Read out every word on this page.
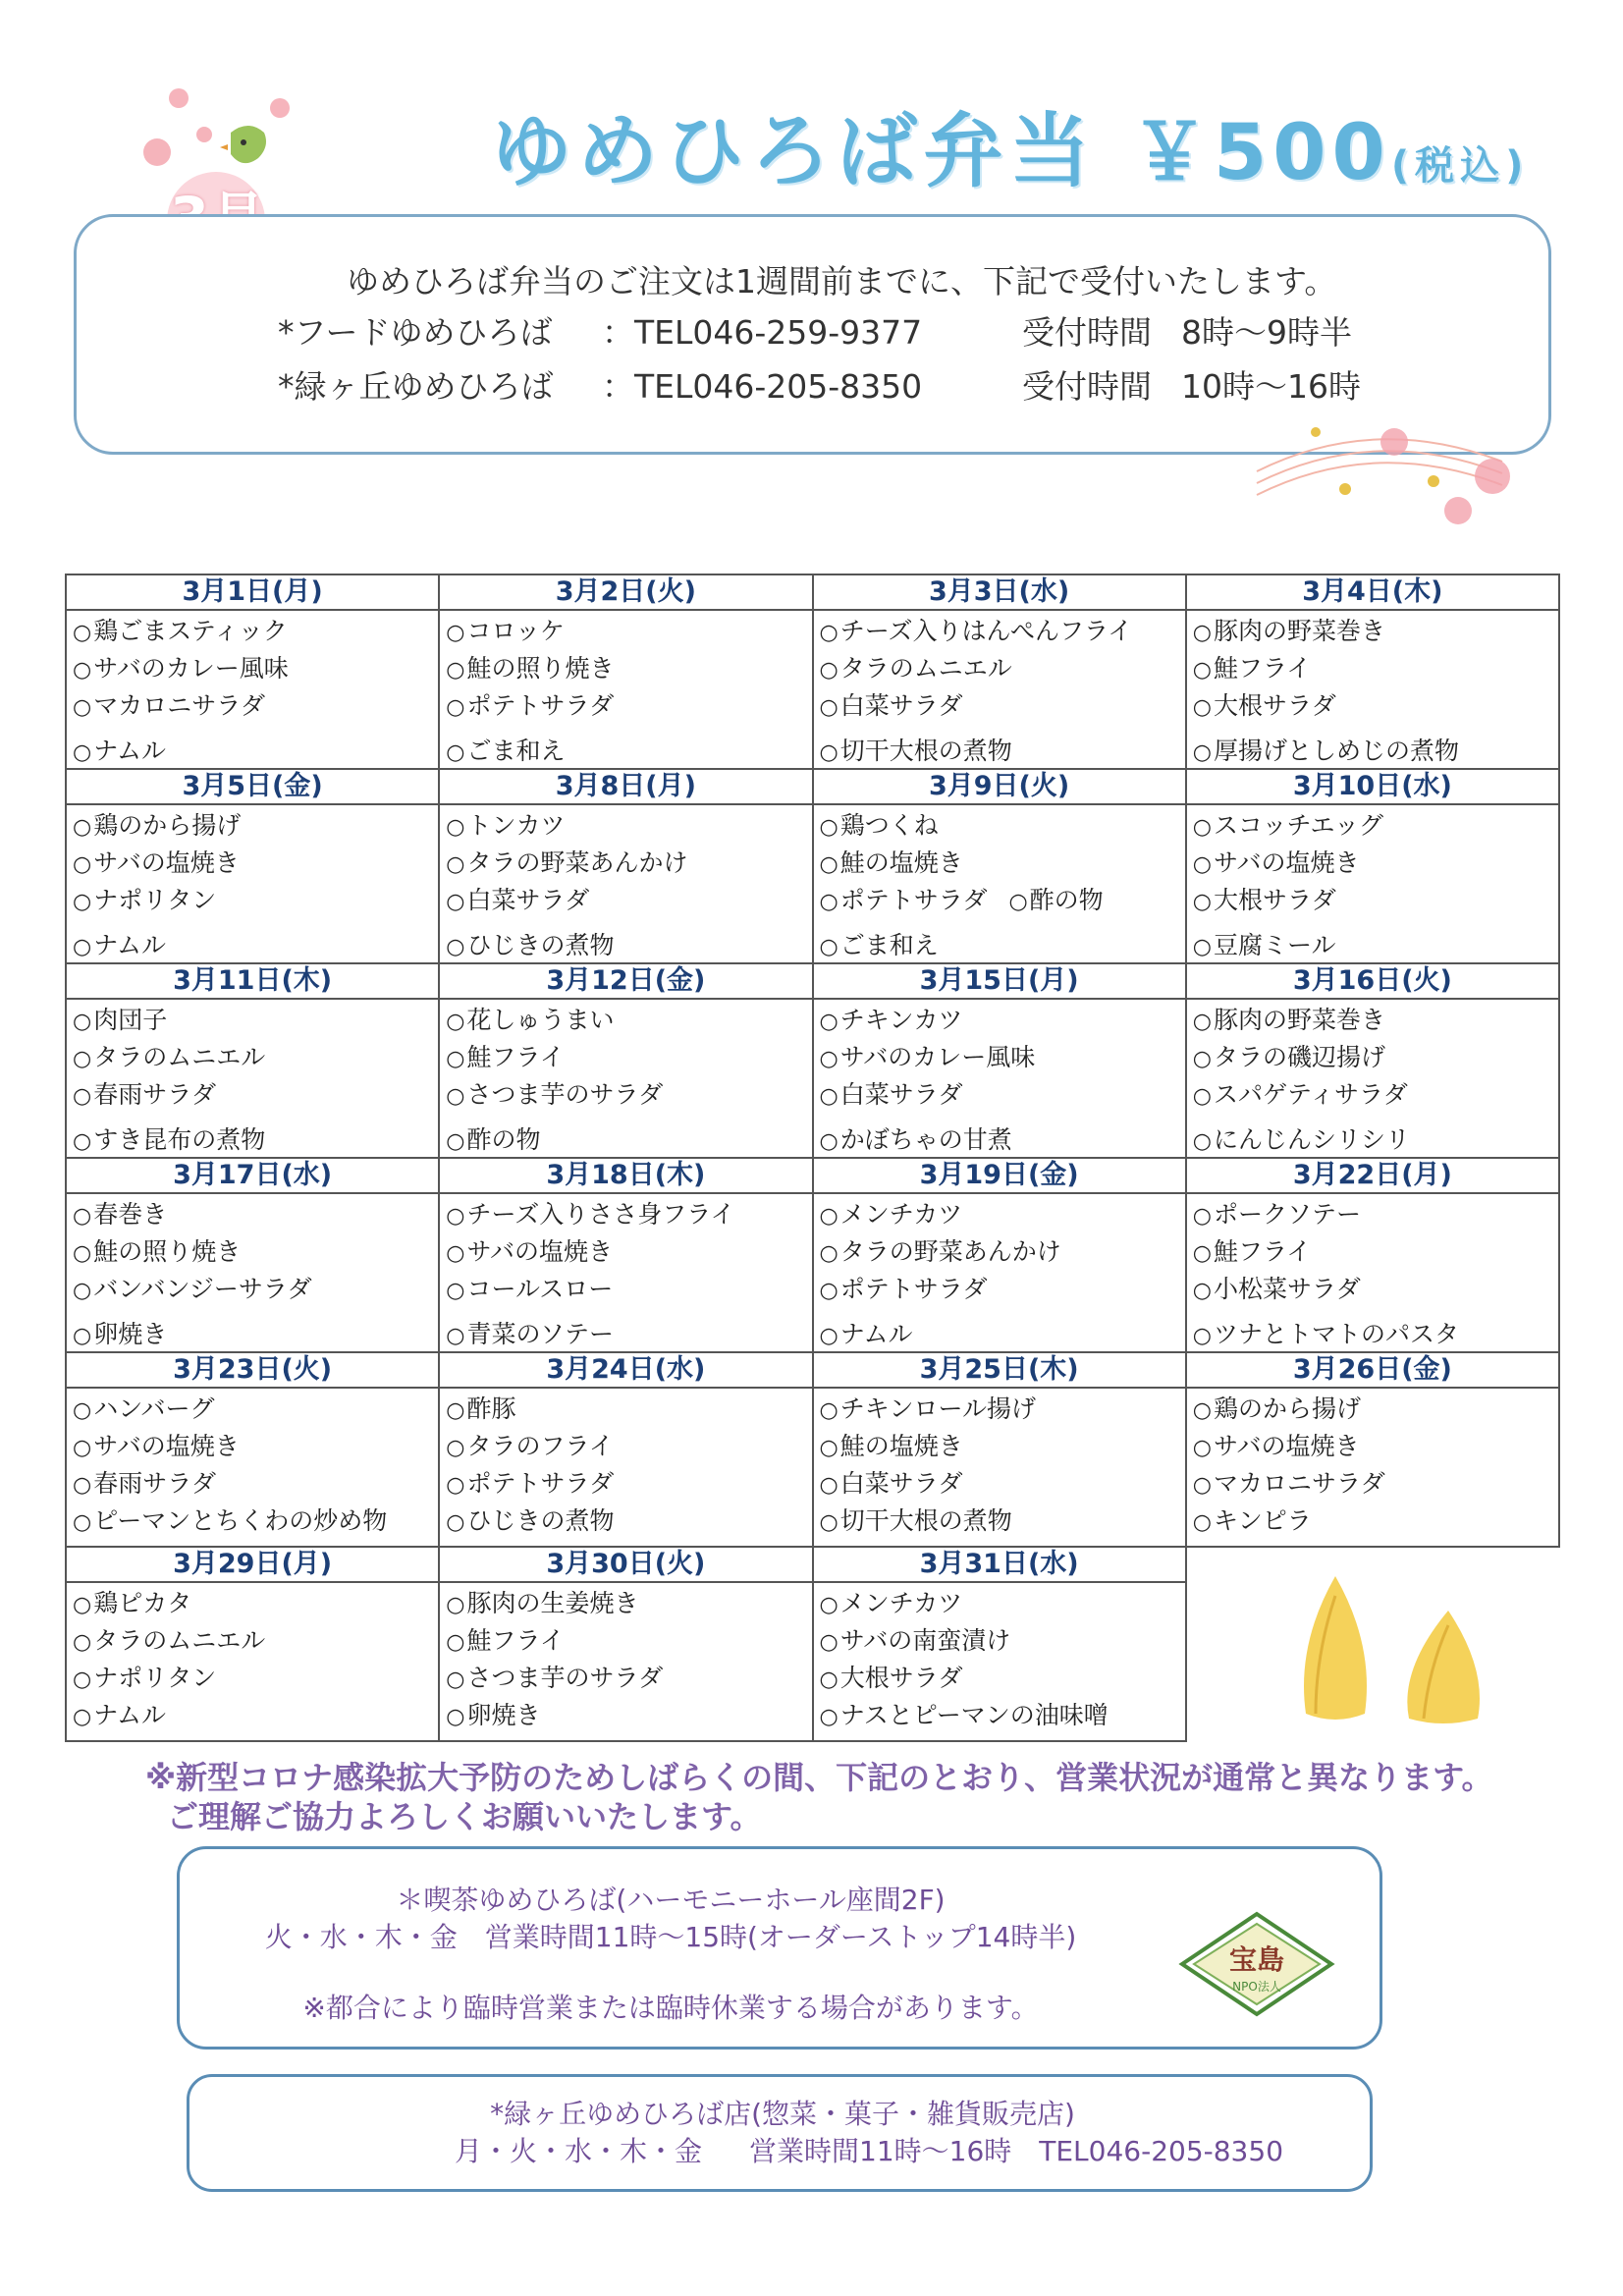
ゆめひろば弁当 ￥500(税込)
ゆめひろば弁当のご注文は1週間前までに、下記で受付いたします。
*フードゆめひろば ：TEL046-259-9377	受付時間 8時～9時半
*緑ヶ丘ゆめひろば ：TEL046-205-8350	受付時間 10時～16時
3月1日(月)
○ 鶏ごまスティック
○ サバのカレー風味
○ マカロニサラダ
○ ナムル

3月2日(火)
○ コロッケ
○ 鮭の照り焼き
○ ポテトサラダ
○ ごま和え

3月3日(水)
○ チーズ入りはんぺんフライ
○ タラのムニエル
○ 白菜サラダ
○ 切干大根の煮物

3月4日(木)
○ 豚肉の野菜巻き
○ 鮭フライ
○ 大根サラダ
○ 厚揚げとしめじの煮物

3月5日(金)
○ 鶏のから揚げ
○ サバの塩焼き
○ ナポリタン
○ ナムル

3月8日(月)
○ トンカツ
○ タラの野菜あんかけ
○ 白菜サラダ
○ ひじきの煮物

3月9日(火)
○ 鶏つくね
○ 鮭の塩焼き
○ ポテトサラダ○ 酢の物
○ ごま和え

3月10日(水)
○ スコッチエッグ
○ サバの塩焼き
○ 大根サラダ
○ 豆腐ミール

3月11日(木)
○ 肉団子
○ タラのムニエル
○ 春雨サラダ
○ すき昆布の煮物

3月12日(金)
○ 花しゅうまい
○ 鮭フライ
○ さつま芋のサラダ
○ 酢の物

3月15日(月)
○ チキンカツ
○ サバのカレー風味
○ 白菜サラダ
○ かぼちゃの甘煮

3月16日(火)
○ 豚肉の野菜巻き
○ タラの磯辺揚げ
○ スパゲティサラダ
○ にんじんシリシリ

3月17日(水)
○ 春巻き
○ 鮭の照り焼き
○ バンバンジーサラダ
○ 卵焼き

3月18日(木)
○ チーズ入りささ身フライ
○ サバの塩焼き
○ コールスロー
○ 青菜のソテー

3月19日(金)
○ メンチカツ
○ タラの野菜あんかけ
○ ポテトサラダ
○ ナムル

3月22日(月)
○ ポークソテー
○ 鮭フライ
○ 小松菜サラダ
○ ツナとトマトのパスタ

3月23日(火)
○ ハンバーグ
○ サバの塩焼き
○ 春雨サラダ
○ ピーマンとちくわの炒め物

3月24日(水)
○ 酢豚
○ タラのフライ
○ ポテトサラダ
○ ひじきの煮物

3月25日(木)
○ チキンロール揚げ
○ 鮭の塩焼き
○ 白菜サラダ
○ 切干大根の煮物

3月26日(金)
○ 鶏のから揚げ
○ サバの塩焼き
○ マカロニサラダ
○ キンピラ

3月29日(月)
○ 鶏ピカタ
○ タラのムニエル
○ ナポリタン
○ ナムル

3月30日(火)
○ 豚肉の生姜焼き
○ 鮭フライ
○ さつま芋のサラダ
○ 卵焼き

3月31日(水)
○ メンチカツ
○ サバの南蛮漬け
○ 大根サラダ
○ ナスとピーマンの油味噌

※新型コロナ感染拡大予防のためしばらくの間、下記のとおり、営業状況が通常と異なります。
ご理解ご協力よろしくお願いいたします。
＊喫茶ゆめひろば(ハーモニーホール座間2F)
火・水・木・金　営業時間11時～15時(オーダーストップ14時半)
※都合により臨時営業または臨時休業する場合があります。
宝島
NPO法人
*緑ヶ丘ゆめひろば店(惣菜・菓子・雑貨販売店)
月・火・水・木・金 営業時間11時～16時　TEL046-205-8350
